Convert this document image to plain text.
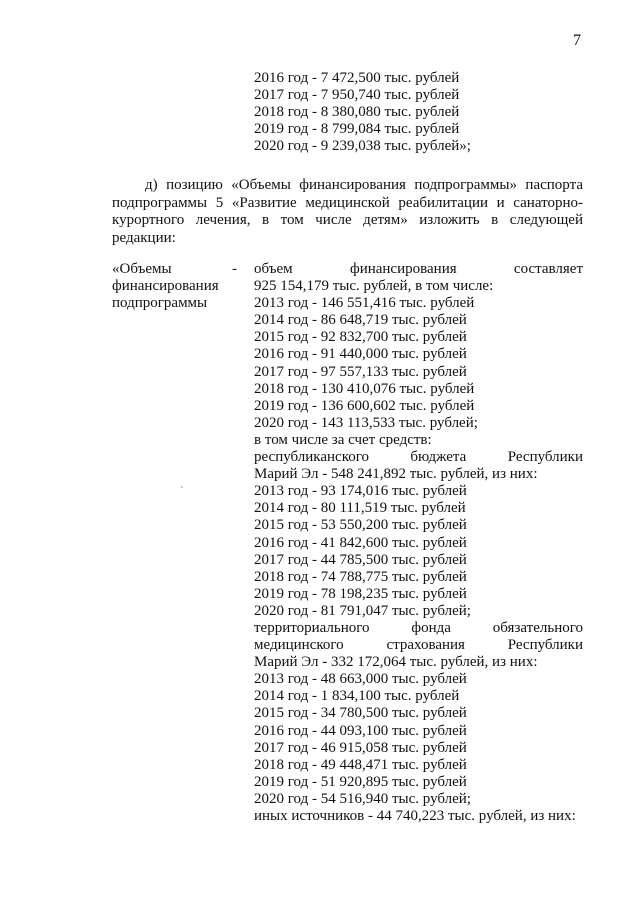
7
2016 год - 7 472,500 тыс. рублей
2017 год - 7 950,740 тыс. рублей
2018 год - 8 380,080 тыс. рублей
2019 год - 8 799,084 тыс. рублей
2020 год - 9 239,038 тыс. рублей»;
д) позицию «Объемы финансирования подпрограммы» паспорта
подпрограммы 5 «Развитие медицинской реабилитации и санаторно-
курортного лечения, в том числе детям» изложить в следующей
редакции:
«Объемы
финансирования
подпрограммы
- объем финансирования составляет
925 154,179 тыс. рублей, в том числе:
2013 год - 146 551,416 тыс. рублей
2014 год - 86 648,719 тыс. рублей
2015 год - 92 832,700 тыс. рублей
2016 год - 91 440,000 тыс. рублей
2017 год - 97 557,133 тыс. рублей
2018 год - 130 410,076 тыс. рублей
2019 год - 136 600,602 тыс. рублей
2020 год - 143 113,533 тыс. рублей;
в том числе за счет средств:
республиканского бюджета Республики
Марий Эл - 548 241,892 тыс. рублей, из них:
2013 год - 93 174,016 тыс. рублей
2014 год - 80 111,519 тыс. рублей
2015 год - 53 550,200 тыс. рублей
2016 год - 41 842,600 тыс. рублей
2017 год - 44 785,500 тыс. рублей
2018 год - 74 788,775 тыс. рублей
2019 год - 78 198,235 тыс. рублей
2020 год - 81 791,047 тыс. рублей;
территориального фонда обязательного
медицинского страхования Республики
Марий Эл - 332 172,064 тыс. рублей, из них:
2013 год - 48 663,000 тыс. рублей
2014 год - 1 834,100 тыс. рублей
2015 год - 34 780,500 тыс. рублей
2016 год - 44 093,100 тыс. рублей
2017 год - 46 915,058 тыс. рублей
2018 год - 49 448,471 тыс. рублей
2019 год - 51 920,895 тыс. рублей
2020 год - 54 516,940 тыс. рублей;
иных источников - 44 740,223 тыс. рублей, из них:
